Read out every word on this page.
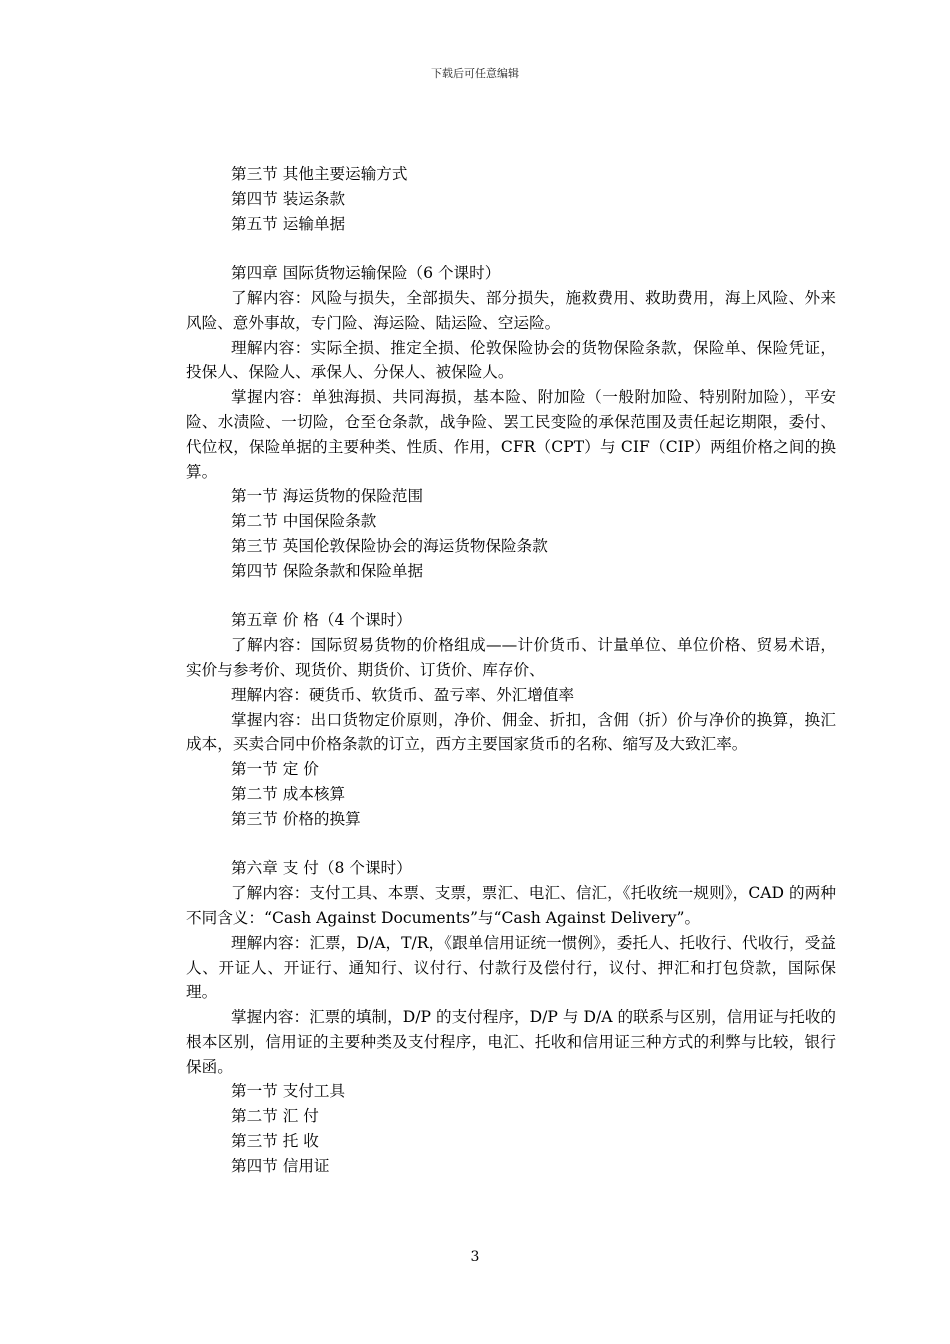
下载后可任意编辑
第三节 其他主要运输方式
第四节 装运条款
第五节 运输单据
第四章 国际货物运输保险（6 个课时）
了解内容：风险与损失，全部损失、部分损失，施救费用、救助费用，海上风险、外来风险、意外事故，专门险、海运险、陆运险、空运险。
理解内容：实际全损、推定全损、伦敦保险协会的货物保险条款，保险单、保险凭证，投保人、保险人、承保人、分保人、被保险人。
掌握内容：单独海损、共同海损，基本险、附加险（一般附加险、特别附加险），平安险、水渍险、一切险，仓至仓条款，战争险、罢工民变险的承保范围及责任起讫期限，委付、代位权，保险单据的主要种类、性质、作用，CFR（CPT）与 CIF（CIP）两组价格之间的换算。
第一节 海运货物的保险范围
第二节 中国保险条款
第三节 英国伦敦保险协会的海运货物保险条款
第四节 保险条款和保险单据
第五章 价 格（4 个课时）
了解内容：国际贸易货物的价格组成——计价货币、计量单位、单位价格、贸易术语，实价与参考价、现货价、期货价、订货价、库存价、
理解内容：硬货币、软货币、盈亏率、外汇增值率
掌握内容：出口货物定价原则，净价、佣金、折扣，含佣（折）价与净价的换算，换汇成本，买卖合同中价格条款的订立，西方主要国家货币的名称、缩写及大致汇率。
第一节 定 价
第二节 成本核算
第三节 价格的换算
第六章 支 付（8 个课时）
了解内容：支付工具、本票、支票，票汇、电汇、信汇，《托收统一规则》，CAD 的两种不同含义：“Cash Against Documents”与“Cash Against Delivery”。
理解内容：汇票，D/A，T/R，《跟单信用证统一惯例》，委托人、托收行、代收行，受益人、开证人、开证行、通知行、议付行、付款行及偿付行，议付、押汇和打包贷款，国际保理。
掌握内容：汇票的填制，D/P 的支付程序，D/P 与 D/A 的联系与区别，信用证与托收的根本区别，信用证的主要种类及支付程序，电汇、托收和信用证三种方式的利弊与比较，银行保函。
第一节 支付工具
第二节 汇 付
第三节 托 收
第四节 信用证
3
